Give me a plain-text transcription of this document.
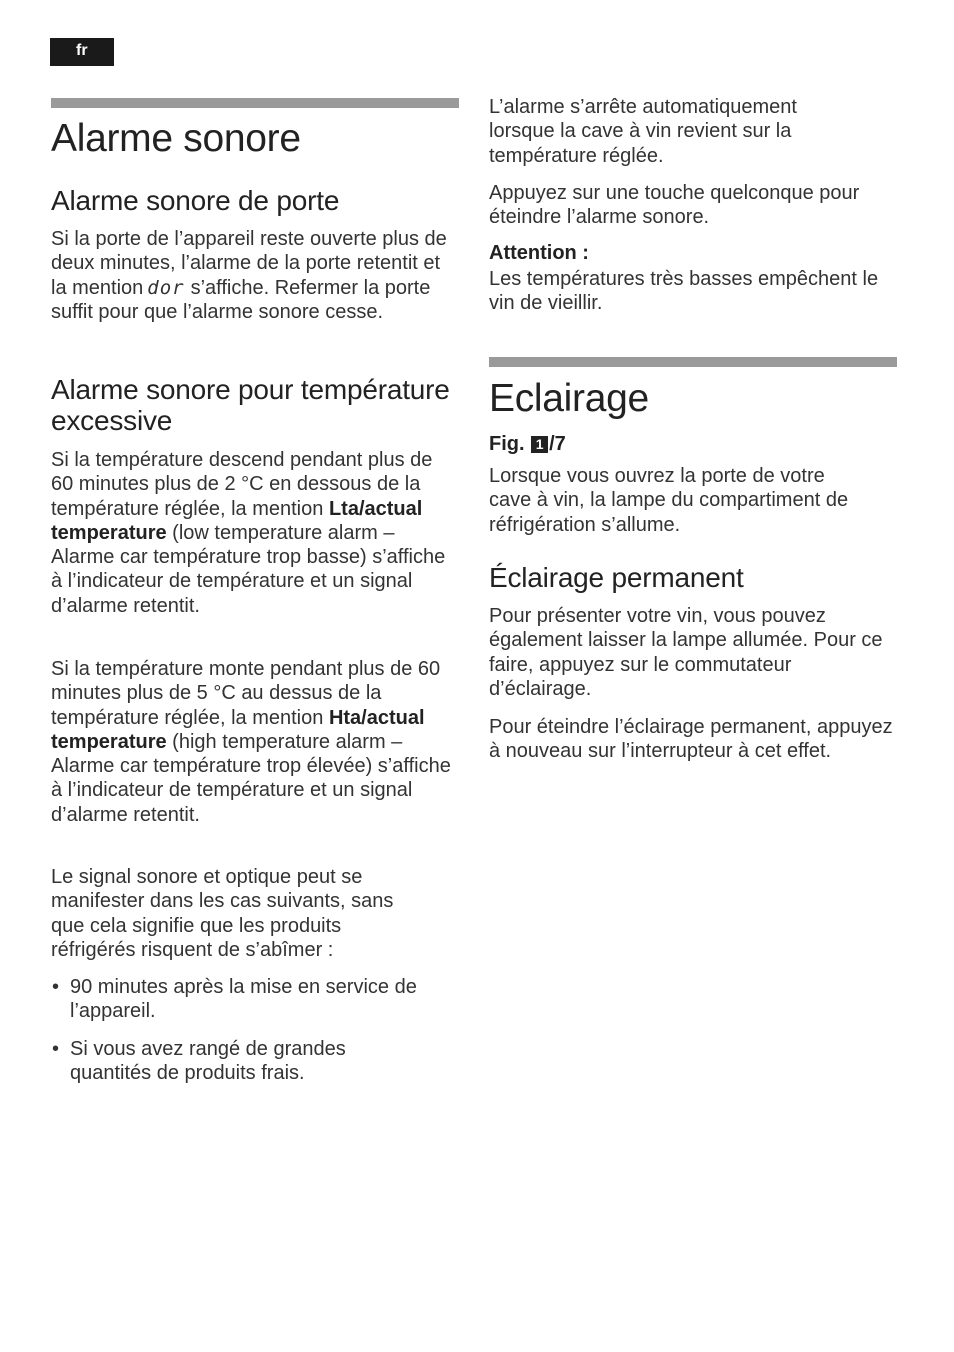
fr
Alarme sonore
Alarme sonore de porte
Si la porte de l’appareil reste ouverte plus de deux minutes, l’alarme de la porte retentit et la mention dor s’affiche. Refermer la porte suffit pour que l’alarme sonore cesse.
Alarme sonore pour température excessive
Si la température descend pendant plus de 60 minutes plus de 2 °C en dessous de la température réglée, la mention Lta/actual temperature (low temperature alarm – Alarme car température trop basse) s’affiche à l’indicateur de température et un signal d’alarme retentit.
Si la température monte pendant plus de 60 minutes plus de 5 °C au dessus de la température réglée, la mention Hta/actual temperature (high temperature alarm – Alarme car température trop élevée) s’affiche à l’indicateur de température et un signal d’alarme retentit.
Le signal sonore et optique peut se manifester dans les cas suivants, sans que cela signifie que les produits réfrigérés risquent de s’abîmer :
• 90 minutes après la mise en service de l’appareil.
• Si vous avez rangé de grandes quantités de produits frais.
L’alarme s’arrête automatiquement lorsque la cave à vin revient sur la température réglée.
Appuyez sur une touche quelconque pour éteindre l’alarme sonore.
Attention :
Les températures très basses empêchent le vin de vieillir.
Eclairage
Fig. 1 /7
Lorsque vous ouvrez la porte de votre cave à vin, la lampe du compartiment de réfrigération s’allume.
Éclairage permanent
Pour présenter votre vin, vous pouvez également laisser la lampe allumée. Pour ce faire, appuyez sur le commutateur d’éclairage.
Pour éteindre l’éclairage permanent, appuyez à nouveau sur l’interrupteur à cet effet.
